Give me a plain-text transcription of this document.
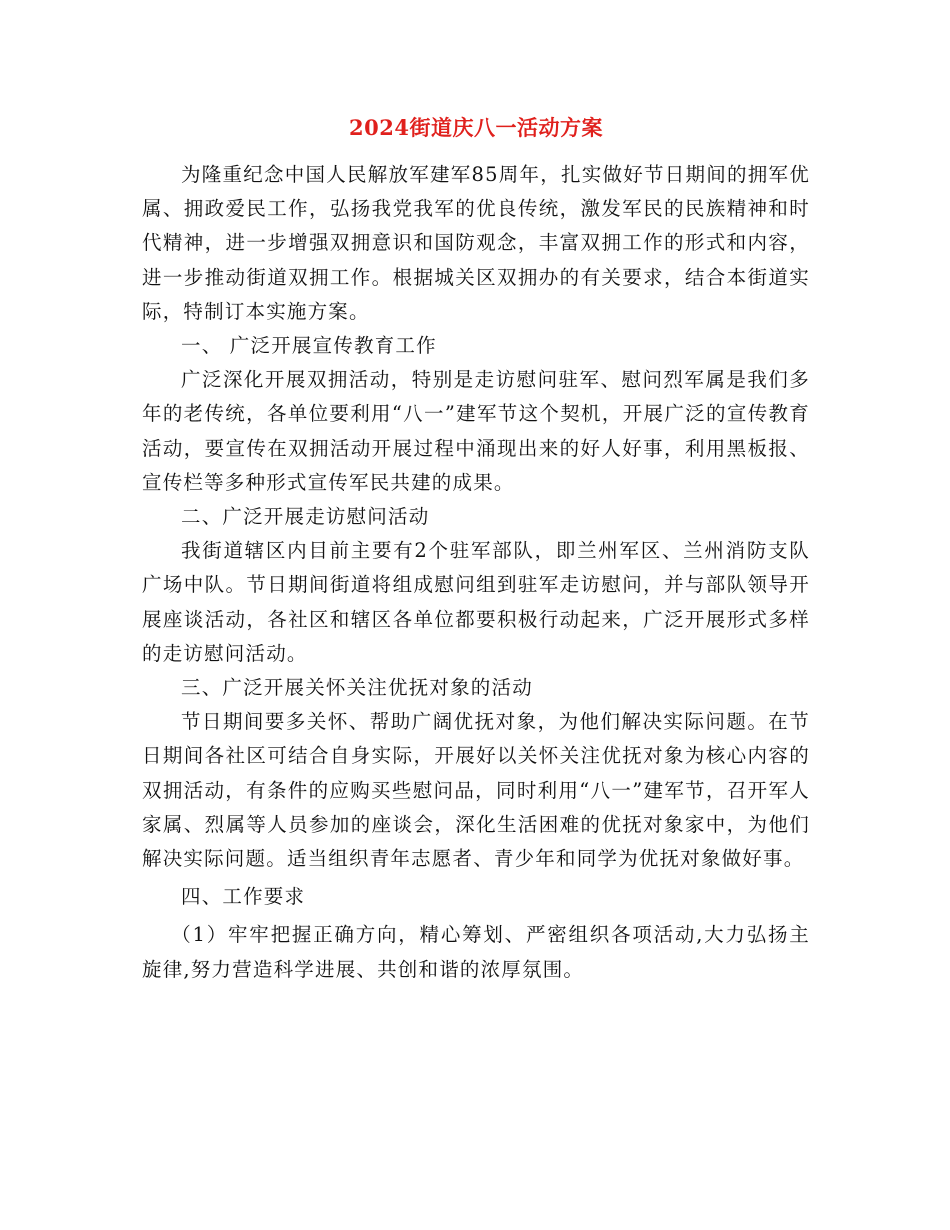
2024街道庆八一活动方案

为隆重纪念中国人民解放军建军85周年，扎实做好节日期间的拥军优属、拥政爱民工作，弘扬我党我军的优良传统，激发军民的民族精神和时代精神，进一步增强双拥意识和国防观念，丰富双拥工作的形式和内容，进一步推动街道双拥工作。根据城关区双拥办的有关要求，结合本街道实际，特制订本实施方案。

一、 广泛开展宣传教育工作

广泛深化开展双拥活动，特别是走访慰问驻军、慰问烈军属是我们多年的老传统，各单位要利用“八一”建军节这个契机，开展广泛的宣传教育活动，要宣传在双拥活动开展过程中涌现出来的好人好事，利用黑板报、宣传栏等多种形式宣传军民共建的成果。

二、广泛开展走访慰问活动

我街道辖区内目前主要有2个驻军部队，即兰州军区、兰州消防支队广场中队。节日期间街道将组成慰问组到驻军走访慰问，并与部队领导开展座谈活动，各社区和辖区各单位都要积极行动起来，广泛开展形式多样的走访慰问活动。

三、广泛开展关怀关注优抚对象的活动

节日期间要多关怀、帮助广阔优抚对象，为他们解决实际问题。在节日期间各社区可结合自身实际，开展好以关怀关注优抚对象为核心内容的双拥活动，有条件的应购买些慰问品，同时利用“八一”建军节，召开军人家属、烈属等人员参加的座谈会，深化生活困难的优抚对象家中，为他们解决实际问题。适当组织青年志愿者、青少年和同学为优抚对象做好事。

四、工作要求

（1）牢牢把握正确方向，精心筹划、严密组织各项活动,大力弘扬主旋律,努力营造科学进展、共创和谐的浓厚氛围。
